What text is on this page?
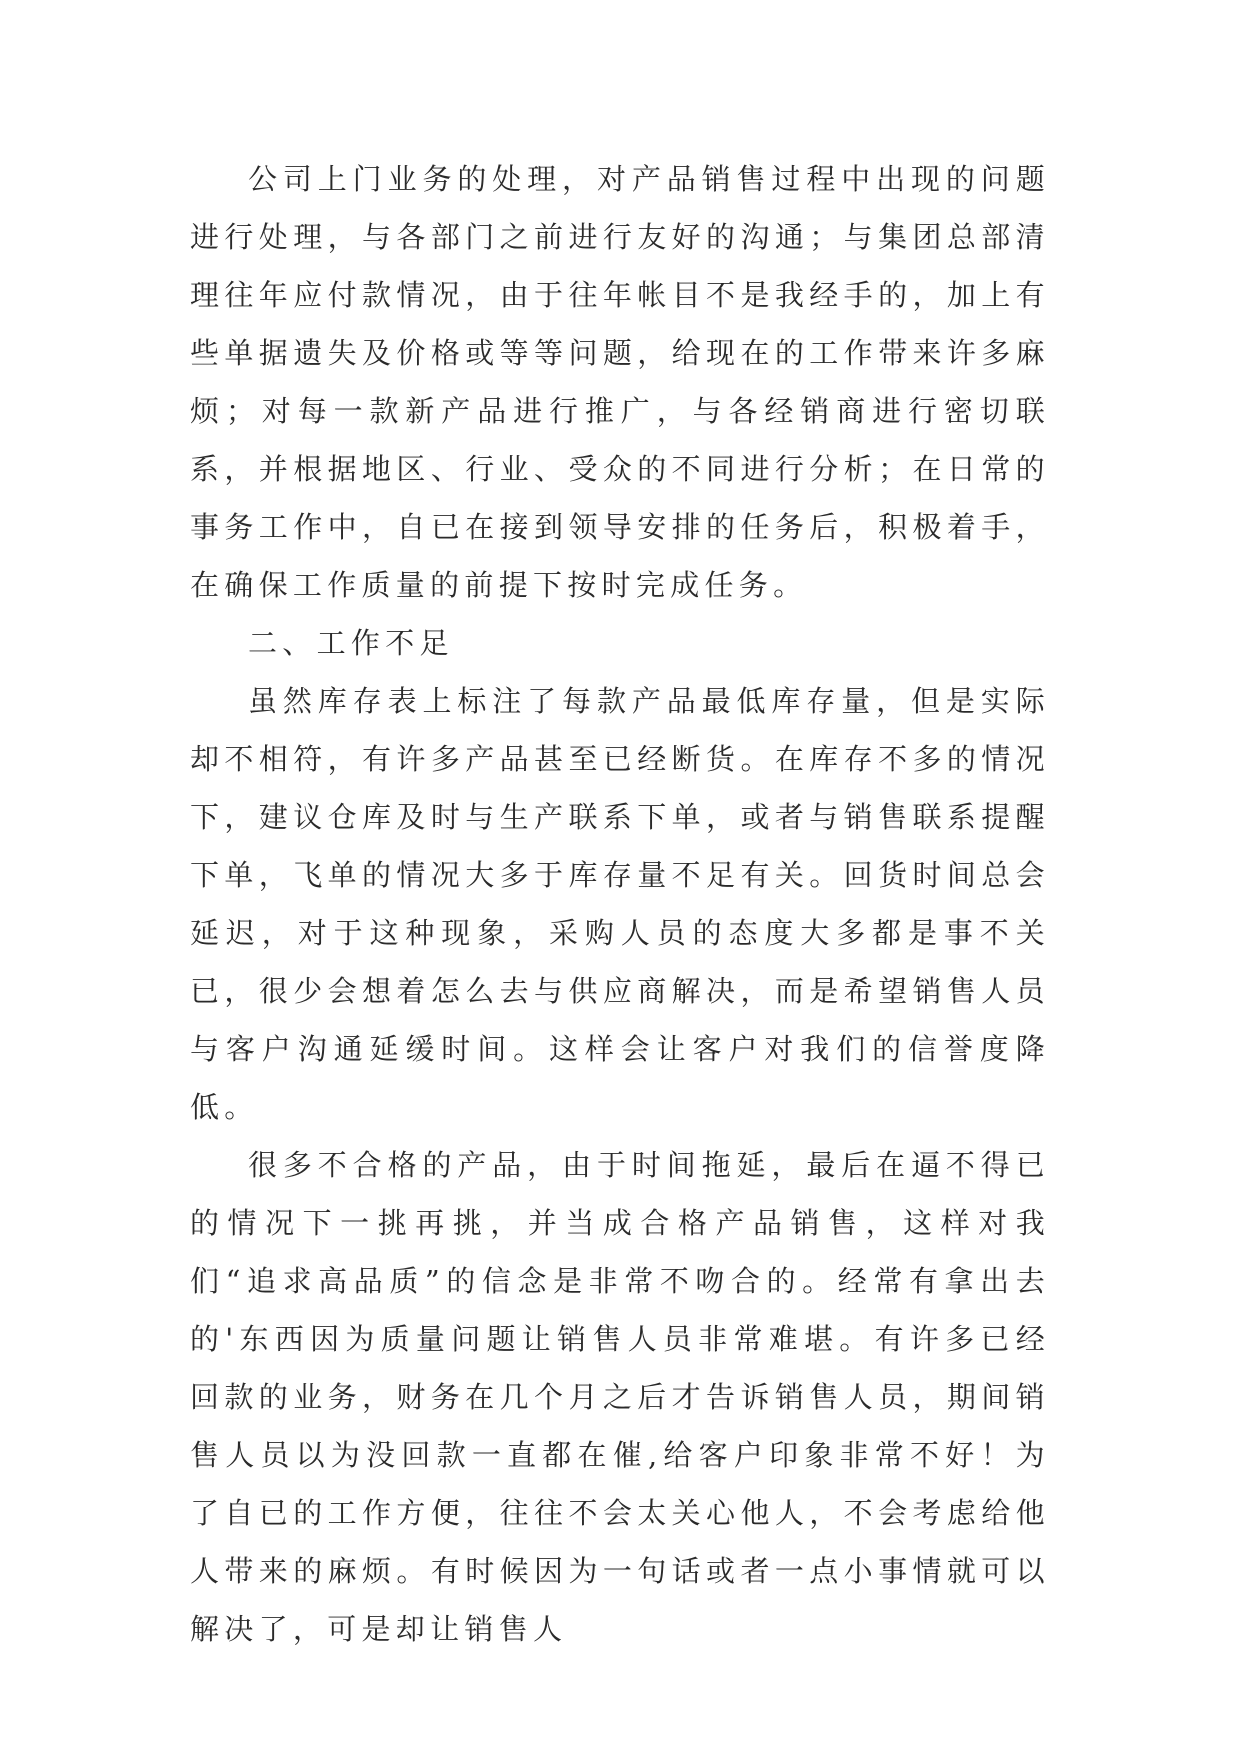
公司上门业务的处理，对产品销售过程中出现的问题进行处理，与各部门之前进行友好的沟通；与集团总部清理往年应付款情况，由于往年帐目不是我经手的，加上有些单据遗失及价格或等等问题，给现在的工作带来许多麻烦；对每一款新产品进行推广，与各经销商进行密切联系，并根据地区、行业、受众的不同进行分析；在日常的事务工作中，自已在接到领导安排的任务后，积极着手，在确保工作质量的前提下按时完成任务。

二、工作不足

虽然库存表上标注了每款产品最低库存量，但是实际却不相符，有许多产品甚至已经断货。在库存不多的情况下，建议仓库及时与生产联系下单，或者与销售联系提醒下单，飞单的情况大多于库存量不足有关。回货时间总会延迟，对于这种现象，采购人员的态度大多都是事不关已，很少会想着怎么去与供应商解决，而是希望销售人员与客户沟通延缓时间。这样会让客户对我们的信誉度降低。

很多不合格的产品，由于时间拖延，最后在逼不得已的情况下一挑再挑，并当成合格产品销售，这样对我们“追求高品质”的信念是非常不吻合的。经常有拿出去的'东西因为质量问题让销售人员非常难堪。有许多已经回款的业务，财务在几个月之后才告诉销售人员，期间销售人员以为没回款一直都在催,给客户印象非常不好！为了自已的工作方便，往往不会太关心他人，不会考虑给他人带来的麻烦。有时候因为一句话或者一点小事情就可以解决了，可是却让销售人
